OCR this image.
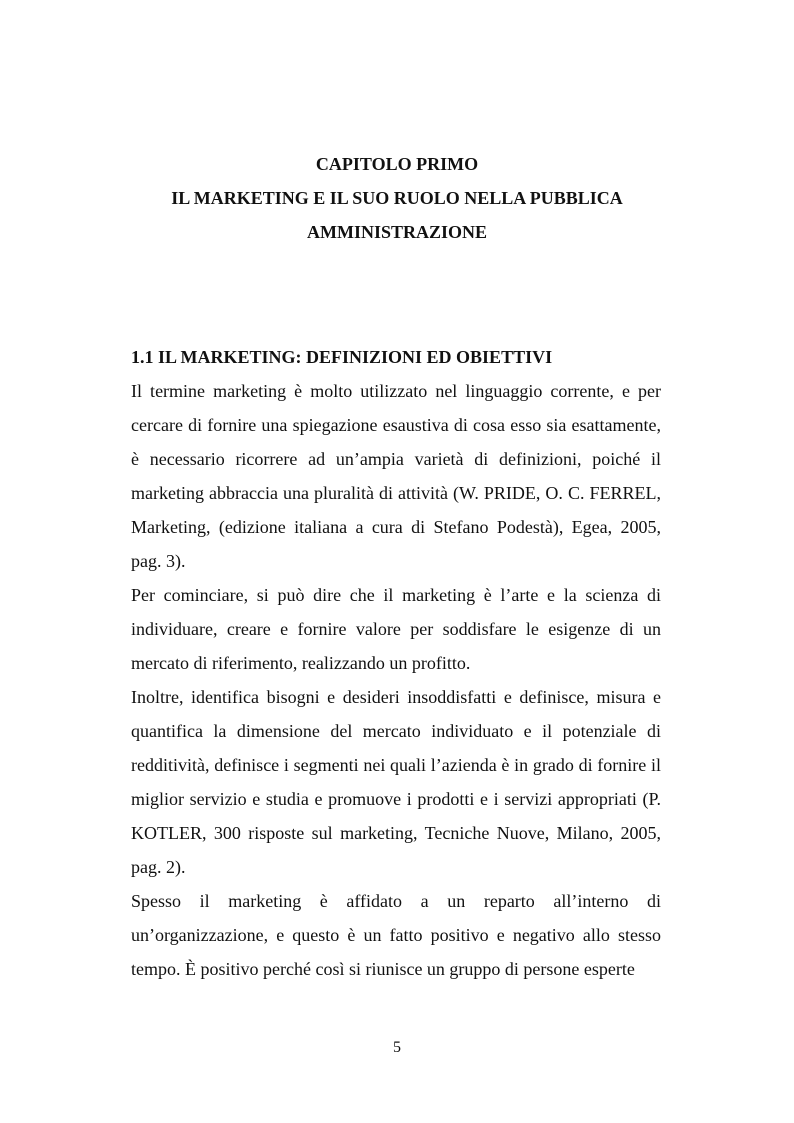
CAPITOLO PRIMO
IL MARKETING E IL SUO RUOLO NELLA PUBBLICA
AMMINISTRAZIONE

1.1 IL MARKETING: DEFINIZIONI ED OBIETTIVI

Il termine marketing è molto utilizzato nel linguaggio corrente, e per cercare di fornire una spiegazione esaustiva di cosa esso sia esattamente, è necessario ricorrere ad un’ampia varietà di definizioni, poiché il marketing abbraccia una pluralità di attività (W. PRIDE, O. C. FERREL, Marketing, (edizione italiana a cura di Stefano Podestà), Egea, 2005, pag. 3).

Per cominciare, si può dire che il marketing è l’arte e la scienza di individuare, creare e fornire valore per soddisfare le esigenze di un mercato di riferimento, realizzando un profitto.

Inoltre, identifica bisogni e desideri insoddisfatti e definisce, misura e quantifica la dimensione del mercato individuato e il potenziale di redditività, definisce i segmenti nei quali l’azienda è in grado di fornire il miglior servizio e studia e promuove i prodotti e i servizi appropriati (P. KOTLER, 300 risposte sul marketing, Tecniche Nuove, Milano, 2005, pag. 2).

Spesso il marketing è affidato a un reparto all’interno di un’organizzazione, e questo è un fatto positivo e negativo allo stesso tempo. È positivo perché così si riunisce un gruppo di persone esperte

5
